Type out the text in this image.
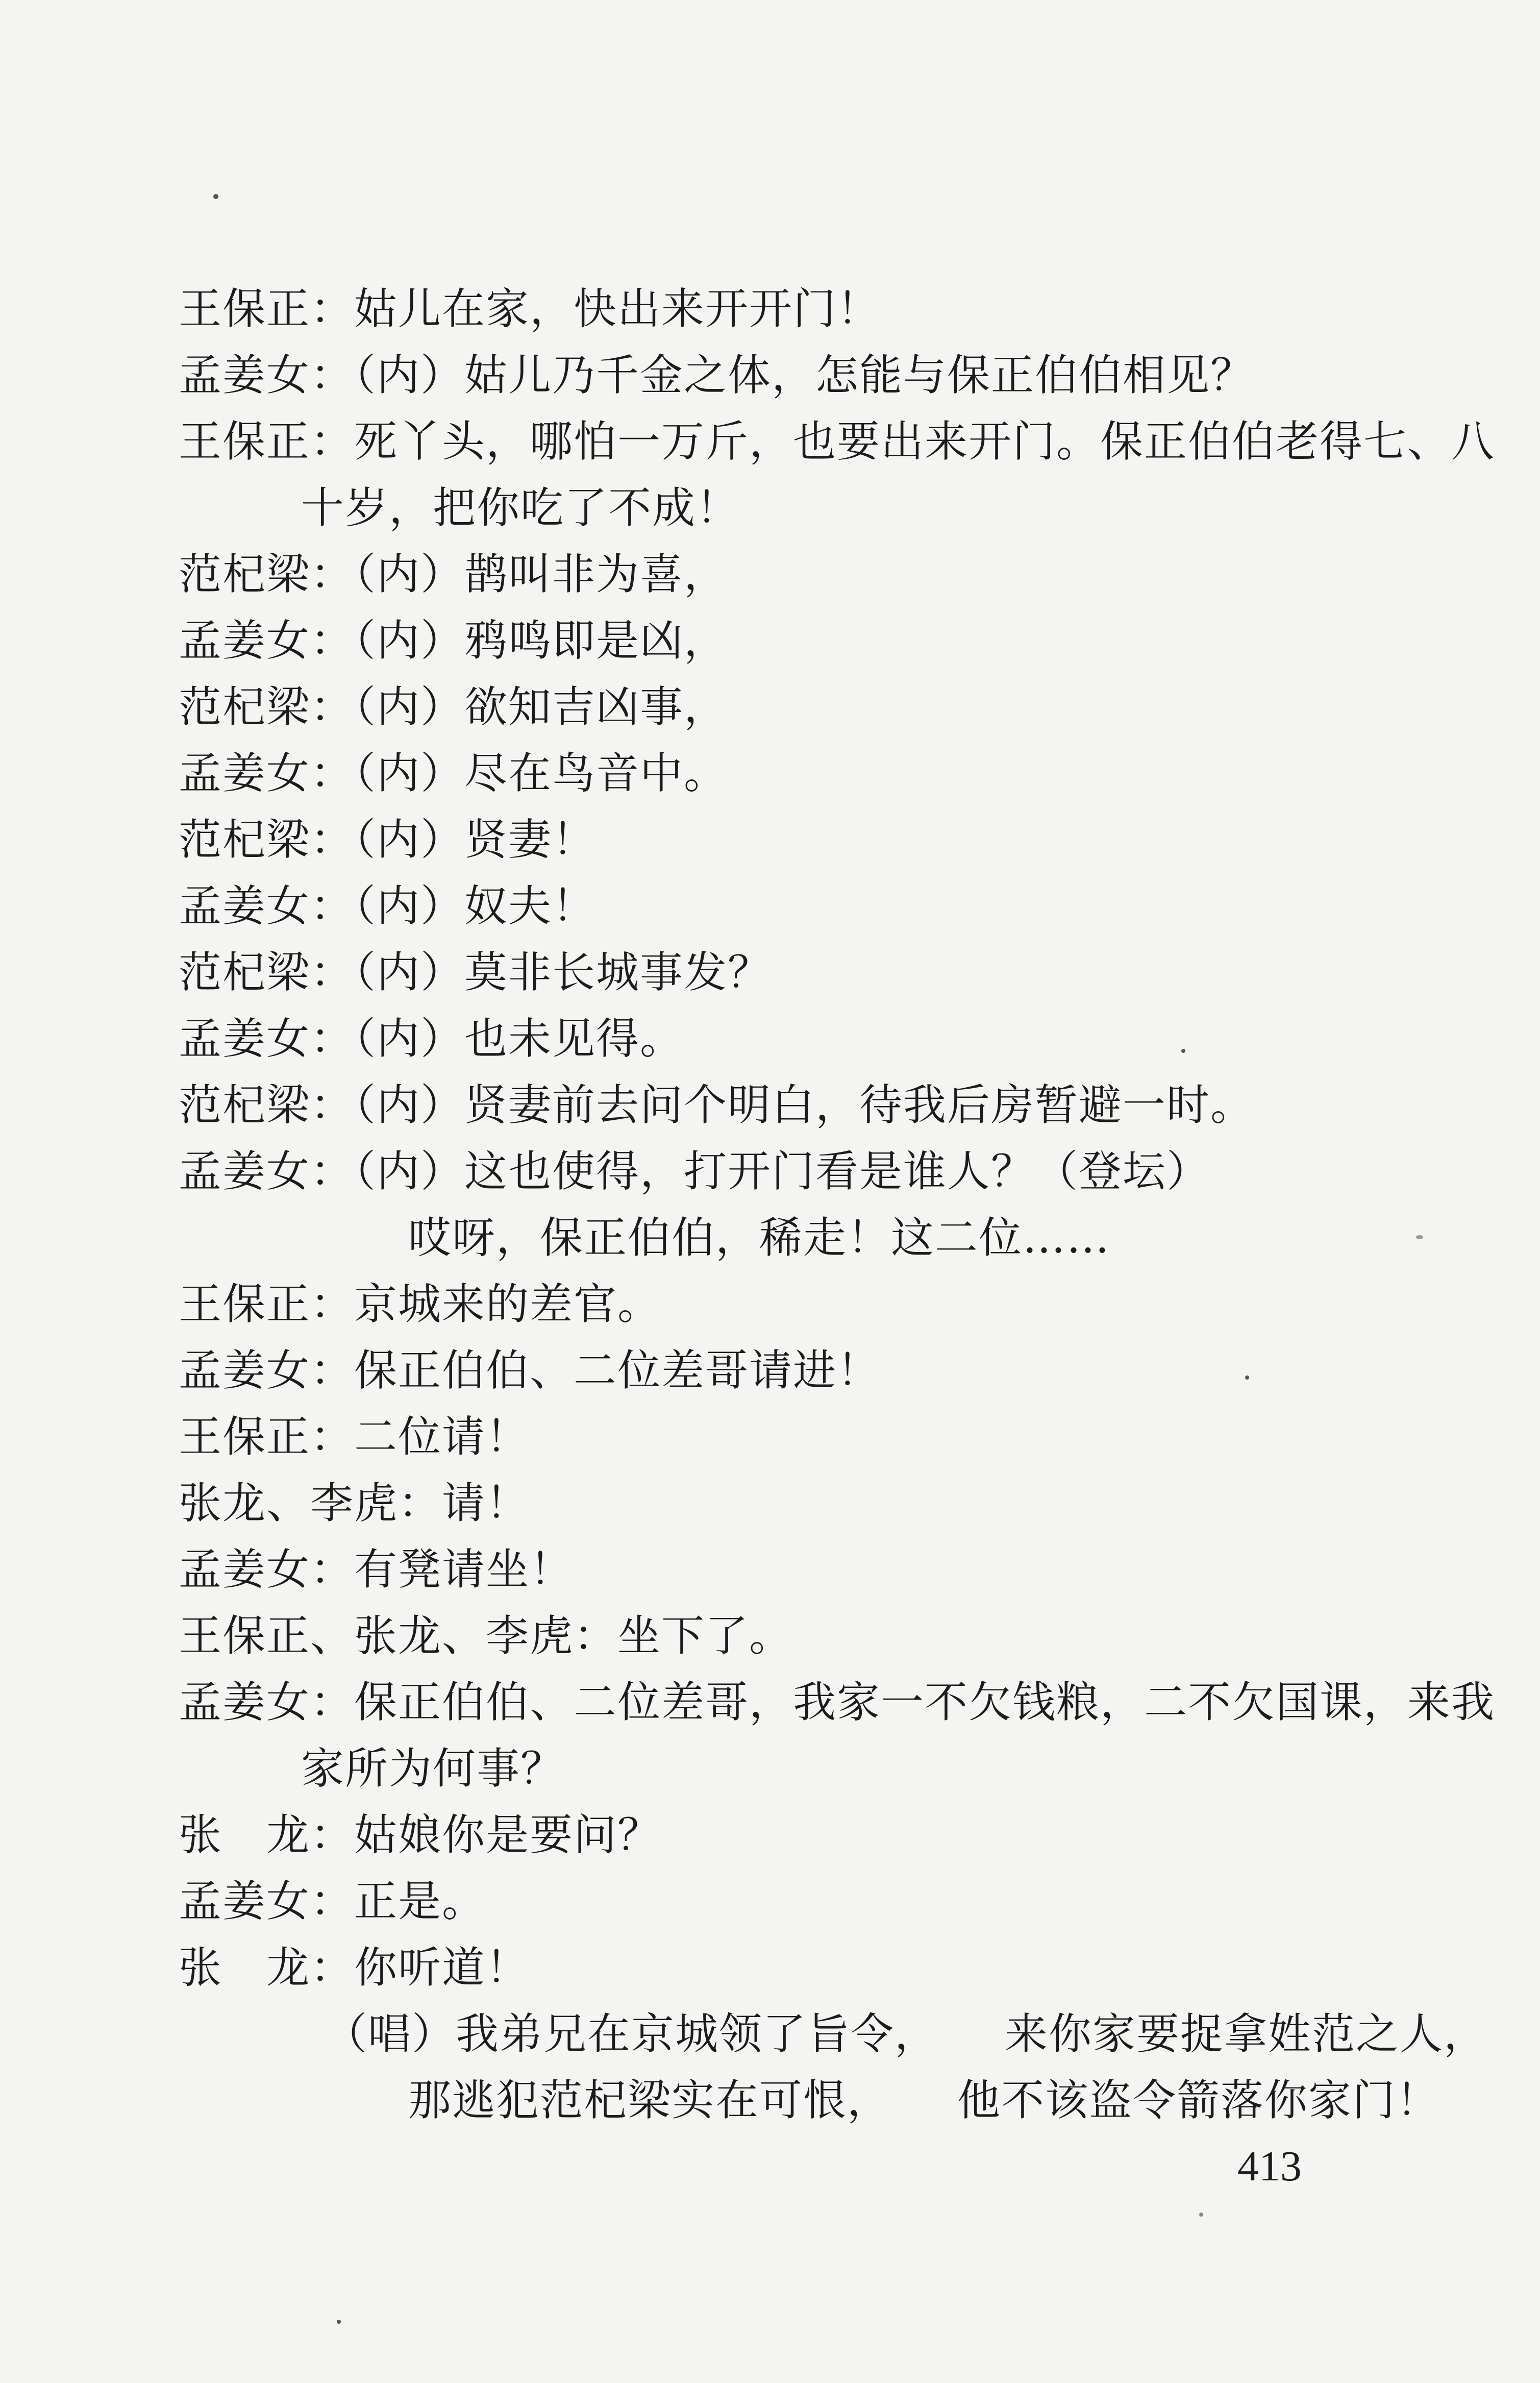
王保正：姑儿在家，快出来开开门！
孟姜女：（内）姑儿乃千金之体，怎能与保正伯伯相见？
王保正：死丫头，哪怕一万斤，也要出来开门。保正伯伯老得七、八
十岁，把你吃了不成！
范杞梁：（内）鹊叫非为喜，
孟姜女：（内）鸦鸣即是凶，
范杞梁：（内）欲知吉凶事，
孟姜女：（内）尽在鸟音中。
范杞梁：（内）贤妻！
孟姜女：（内）奴夫！
范杞梁：（内）莫非长城事发？
孟姜女：（内）也未见得。
范杞梁：（内）贤妻前去问个明白，待我后房暂避一时。
孟姜女：（内）这也使得，打开门看是谁人？（登坛）
哎呀，保正伯伯，稀走！这二位……
王保正：京城来的差官。
孟姜女：保正伯伯、二位差哥请进！
王保正：二位请！
张龙、李虎：请！
孟姜女：有凳请坐！
王保正、张龙、李虎：坐下了。
孟姜女：保正伯伯、二位差哥，我家一不欠钱粮，二不欠国课，来我
家所为何事？
张　龙：姑娘你是要问？
孟姜女：正是。
张　龙：你听道！
（唱）我弟兄在京城领了旨令， 来你家要捉拿姓范之人，
那逃犯范杞梁实在可恨， 他不该盗令箭落你家门！
413
